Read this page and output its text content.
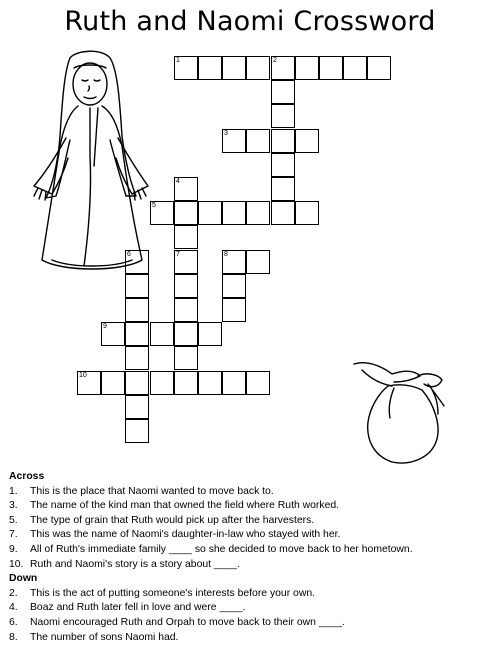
Ruth and Naomi Crossword
1	2
3
4
5
6	7	8
9
10
Across
1. This is the place that Naomi wanted to move back to.
3. The name of the kind man that owned the field where Ruth worked.
5. The type of grain that Ruth would pick up after the harvesters.
7. This was the name of Naomi's daughter-in-law who stayed with her.
9. All of Ruth's immediate family ____ so she decided to move back to her hometown.
10. Ruth and Naomi's story is a story about ____.
Down
2. This is the act of putting someone's interests before your own.
4. Boaz and Ruth later fell in love and were ____.
6. Naomi encouraged Ruth and Orpah to move back to their own ____.
8. The number of sons Naomi had.
